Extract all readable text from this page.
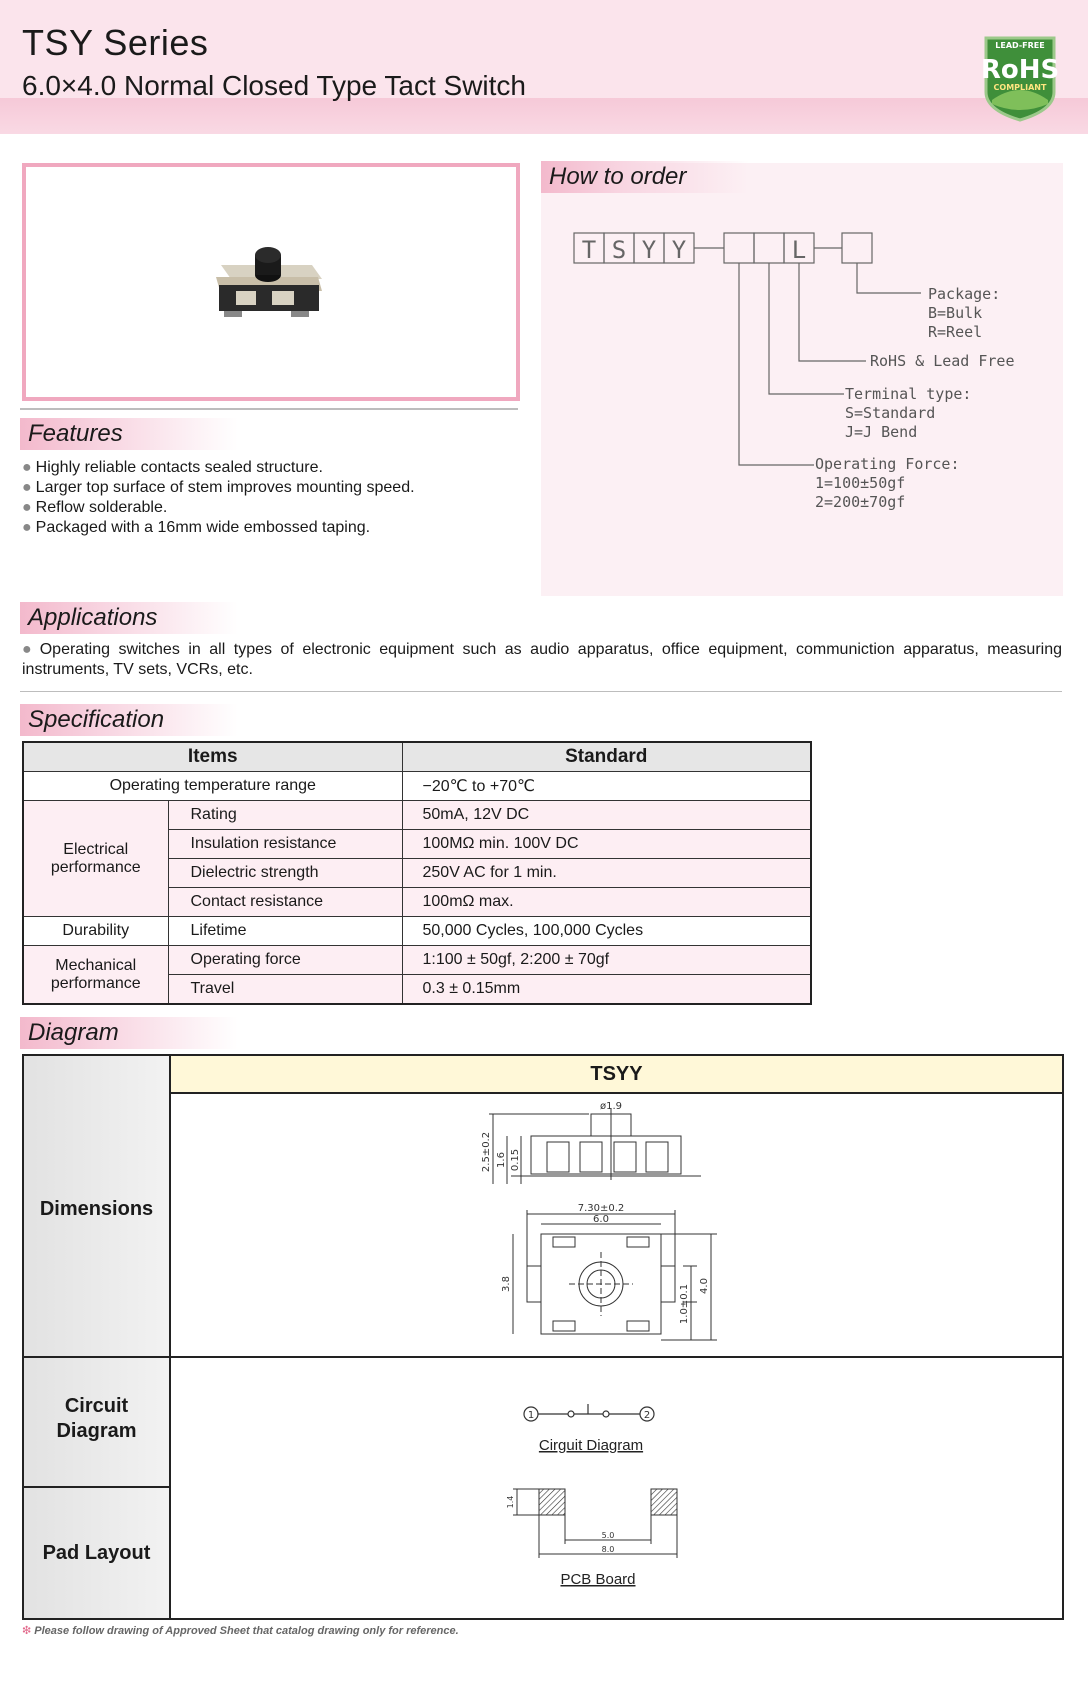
TSY Series
6.0×4.0 Normal Closed Type Tact Switch
LEAD-FREE
RoHS
COMPLIANT
Features
● Highly reliable contacts sealed structure.
● Larger top surface of stem improves mounting speed.
● Reflow solderable.
● Packaged with a 16mm wide embossed taping.
How to order
T S Y Y	L
Package:
B=Bulk
R=Reel
RoHS & Lead Free
Terminal type:
S=Standard
J=J Bend
Operating Force:
1=100±50gf
2=200±70gf
Applications
● Operating switches in all types of electronic equipment such as audio apparatus, office equipment, communiction apparatus, measuring instruments, TV sets, VCRs, etc.
Specification
Items		Standard
Operating temperature range		−20℃ to +70℃
Electrical performance	Rating	50mA, 12V DC
	Insulation resistance	100MΩ min. 100V DC
	Dielectric strength	250V AC for 1 min.
	Contact resistance	100mΩ max.
Durability	Lifetime	50,000 Cycles, 100,000 Cycles
Mechanical performance	Operating force	1:100 ± 50gf, 2:200 ± 70gf
	Travel	0.3 ± 0.15mm
Diagram
Dimensions
Circuit Diagram
Pad Layout
TSYY
ø1.9
2.5±0.2 1.6 0.15
7.30±0.2
6.0
3.8	1.0±0.1 4.0
1	2
Cirguit Diagram
5.0
8.0
1.4
PCB Board
❇ Please follow drawing of Approved Sheet that catalog drawing only for reference.
